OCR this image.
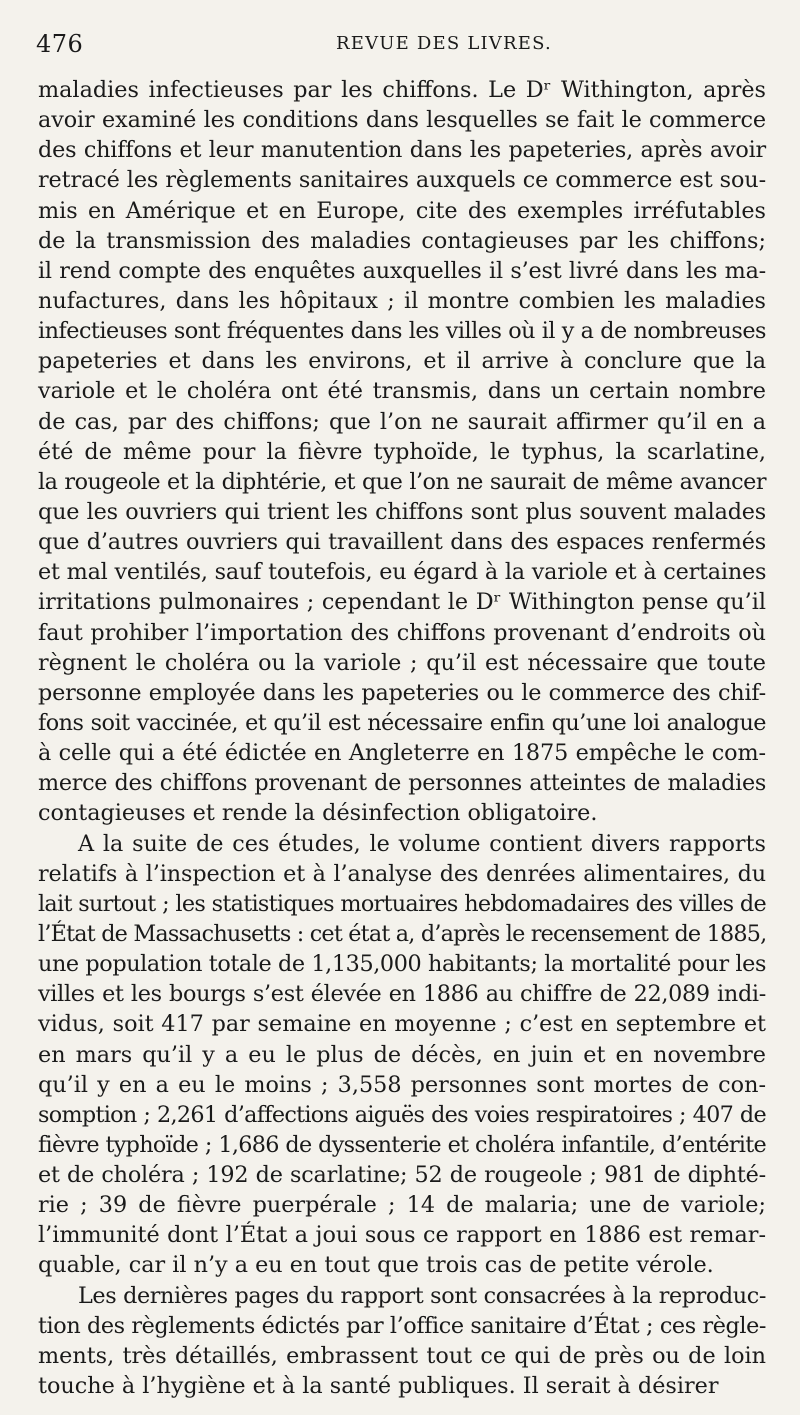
476	REVUE DES LIVRES.
maladies infectieuses par les chiffons. Le Dʳ Withington, après
avoir examiné les conditions dans lesquelles se fait le commerce
des chiffons et leur manutention dans les papeteries, après avoir
retracé les règlements sanitaires auxquels ce commerce est sou-
mis en Amérique et en Europe, cite des exemples irréfutables
de la transmission des maladies contagieuses par les chiffons;
il rend compte des enquêtes auxquelles il s’est livré dans les ma-
nufactures, dans les hôpitaux ; il montre combien les maladies
infectieuses sont fréquentes dans les villes où il y a de nombreuses
papeteries et dans les environs, et il arrive à conclure que la
variole et le choléra ont été transmis, dans un certain nombre
de cas, par des chiffons; que l’on ne saurait affirmer qu’il en a
été de même pour la fièvre typhoïde, le typhus, la scarlatine,
la rougeole et la diphtérie, et que l’on ne saurait de même avancer
que les ouvriers qui trient les chiffons sont plus souvent malades
que d’autres ouvriers qui travaillent dans des espaces renfermés
et mal ventilés, sauf toutefois, eu égard à la variole et à certaines
irritations pulmonaires ; cependant le Dʳ Withington pense qu’il
faut prohiber l’importation des chiffons provenant d’endroits où
règnent le choléra ou la variole ; qu’il est nécessaire que toute
personne employée dans les papeteries ou le commerce des chif-
fons soit vaccinée, et qu’il est nécessaire enfin qu’une loi analogue
à celle qui a été édictée en Angleterre en 1875 empêche le com-
merce des chiffons provenant de personnes atteintes de maladies
contagieuses et rende la désinfection obligatoire.
A la suite de ces études, le volume contient divers rapports
relatifs à l’inspection et à l’analyse des denrées alimentaires, du
lait surtout ; les statistiques mortuaires hebdomadaires des villes de
l’État de Massachusetts : cet état a, d’après le recensement de 1885,
une population totale de 1,135,000 habitants; la mortalité pour les
villes et les bourgs s’est élevée en 1886 au chiffre de 22,089 indi-
vidus, soit 417 par semaine en moyenne ; c’est en septembre et
en mars qu’il y a eu le plus de décès, en juin et en novembre
qu’il y en a eu le moins ; 3,558 personnes sont mortes de con-
somption ; 2,261 d’affections aiguës des voies respiratoires ; 407 de
fièvre typhoïde ; 1,686 de dyssenterie et choléra infantile, d’entérite
et de choléra ; 192 de scarlatine; 52 de rougeole ; 981 de diphté-
rie ; 39 de fièvre puerpérale ; 14 de malaria; une de variole;
l’immunité dont l’État a joui sous ce rapport en 1886 est remar-
quable, car il n’y a eu en tout que trois cas de petite vérole.
Les dernières pages du rapport sont consacrées à la reproduc-
tion des règlements édictés par l’office sanitaire d’État ; ces règle-
ments, très détaillés, embrassent tout ce qui de près ou de loin
touche à l’hygiène et à la santé publiques. Il serait à désirer
